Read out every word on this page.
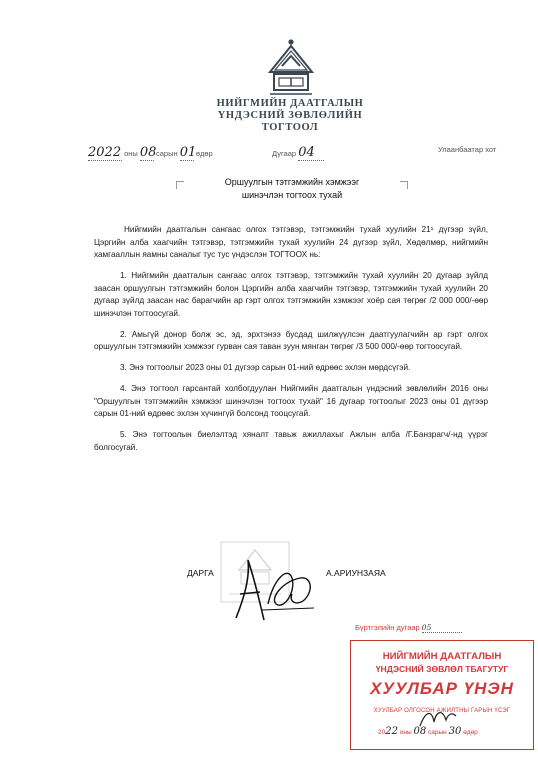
НИЙГМИЙН ДААТГАЛЫН
ҮНДЭСНИЙ ЗӨВЛӨЛИЙН
ТОГТООЛ
2022 оны 08 сарын 01 өдөр	Дугаар 04	Улаанбаатар хот
Оршуулгын тэтгэмжийн хэмжээг
шинэчлэн тогтоох тухай

Нийгмийн даатгалын сангаас олгох тэтгэвэр, тэтгэмжийн тухай хуулийн 21¹ дүгээр зүйл, Цэргийн алба хаагчийн тэтгэвэр, тэтгэмжийн тухай хуулийн 24 дүгээр зүйл, Хөдөлмөр, нийгмийн хамгааллын яамны саналыг тус тус үндэслэн ТОГТООХ нь:

1. Нийгмийн даатгалын сангаас олгох тэтгэвэр, тэтгэмжийн тухай хуулийн 20 дугаар зүйлд заасан оршуулгын тэтгэмжийн болон Цэргийн алба хаагчийн тэтгэвэр, тэтгэмжийн тухай хуулийн 20 дугаар зүйлд заасан нас барагчийн ар гэрт олгох тэтгэмжийн хэмжээг хоёр сая төгрөг /2 000 000/-өөр шинэчлэн тогтоосугай.

2. Амьгүй донор болж эс, эд, эрхтэнээ бусдад шилжүүлсэн даатгуулагчийн ар гэрт олгох оршуулгын тэтгэмжийн хэмжээг гурван сая таван зуун мянган төгрөг /3 500 000/-өөр тогтоосугай.

3. Энэ тогтоолыг 2023 оны 01 дүгээр сарын 01-ний өдрөөс эхлэн мөрдсүгэй.

4. Энэ тогтоол гарсантай холбогдуулан Нийгмийн даатгалын үндэсний зөвлөлийн 2016 оны "Оршуулгын тэтгэмжийн хэмжээг шинэчлэн тогтоох тухай" 16 дугаар тогтоолыг 2023 оны 01 дүгээр сарын 01-ний өдрөөс эхлэн хүчингүй болсонд тооцсугай.

5. Энэ тогтоолын биелэлтэд хяналт тавьж ажиллахыг Ажлын алба /Г.Банзрагч/-нд үүрэг болгосугай.

ДАРГА	А.АРИУНЗАЯА
Бүртгэлийн дугаар 05
НИЙГМИЙН ДААТГАЛЫН
ҮНДЭСНИЙ ЗӨВЛӨЛ ТБАГУТУГ
ХУУЛБАР ҮНЭН
ХУУЛБАР ОЛГОСОН АЖИЛТНЫ ГАРЫН ҮСЭГ
2022 оны 08 сарын 30 өдөр
